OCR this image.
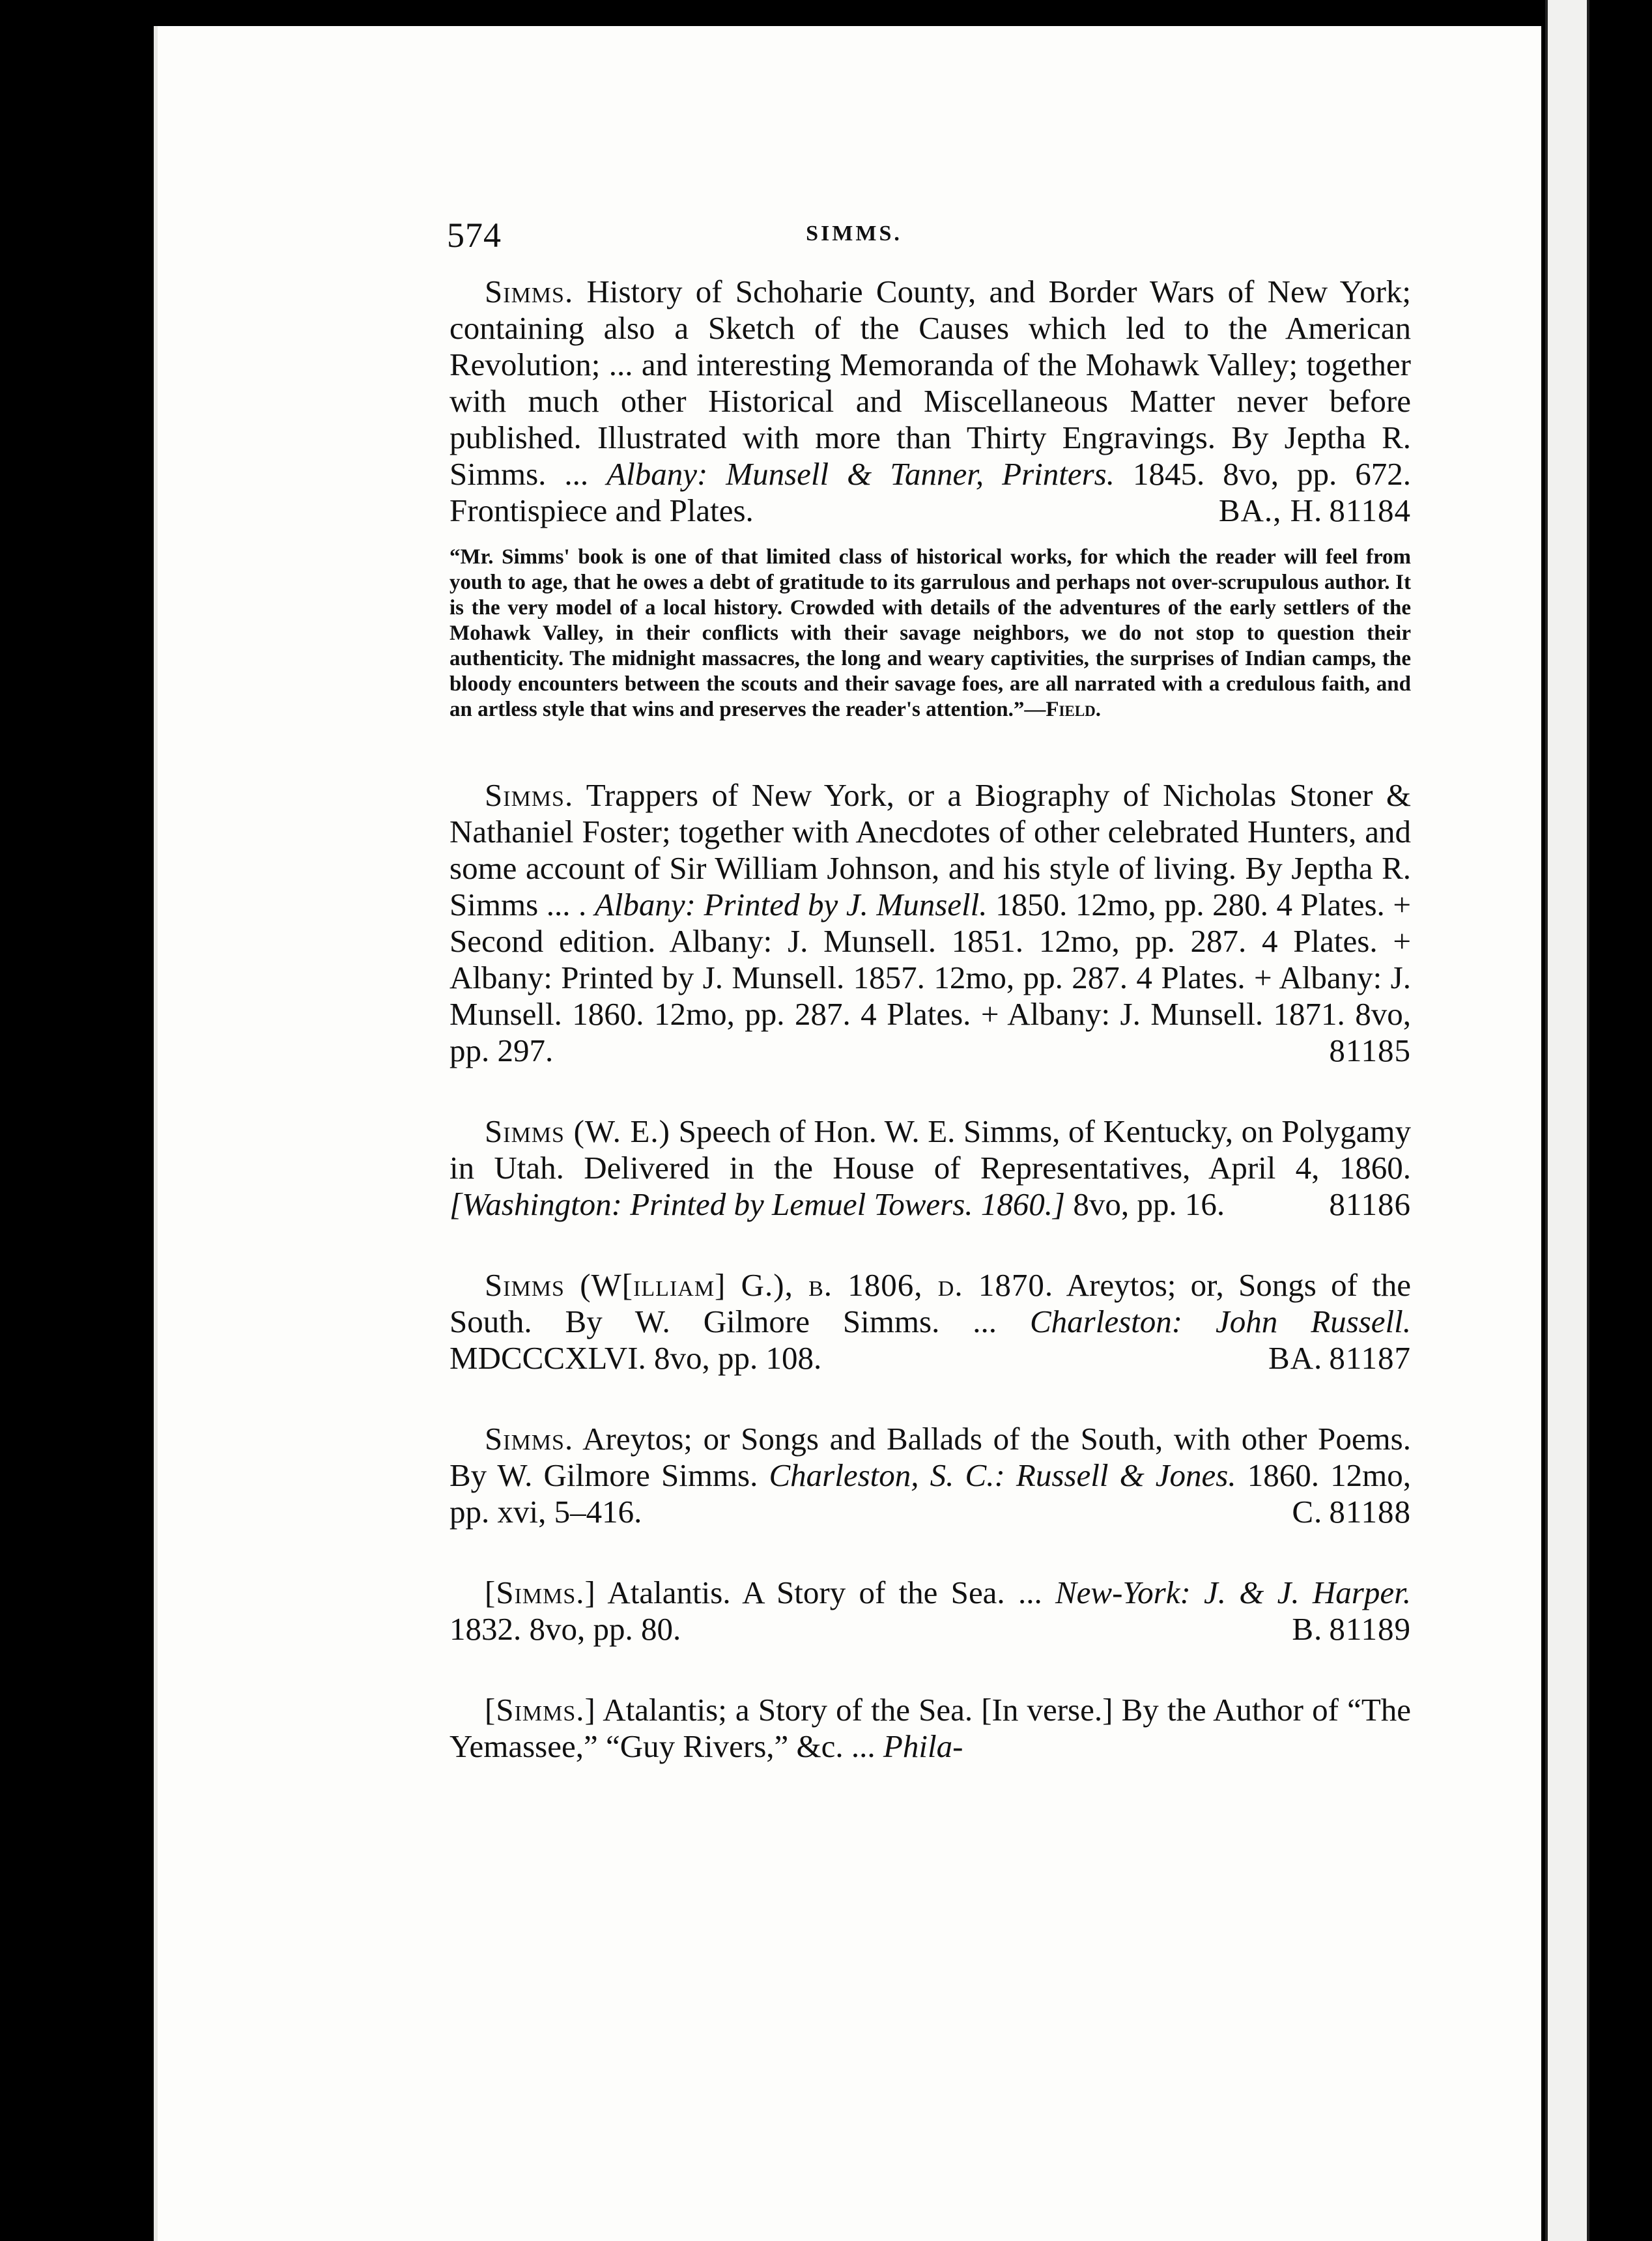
574	SIMMS.
Simms. History of Schoharie County, and Border Wars of New York; containing also a Sketch of the Causes which led to the American Revolution; ... and interesting Memoranda of the Mohawk Valley; together with much other Historical and Miscellaneous Matter never before published. Illustrated with more than Thirty Engravings. By Jeptha R. Simms. ... Albany: Munsell & Tanner, Printers. 1845. 8vo, pp. 672. Frontispiece and Plates.	BA., H. 81184
“Mr. Simms' book is one of that limited class of historical works, for which the reader will feel from youth to age, that he owes a debt of gratitude to its garrulous and perhaps not over-scrupulous author. It is the very model of a local history. Crowded with details of the adventures of the early settlers of the Mohawk Valley, in their conflicts with their savage neighbors, we do not stop to question their authenticity. The midnight massacres, the long and weary captivities, the surprises of Indian camps, the bloody encounters between the scouts and their savage foes, are all narrated with a credulous faith, and an artless style that wins and preserves the reader's attention.”—Field.
Simms. Trappers of New York, or a Biography of Nicholas Stoner & Nathaniel Foster; together with Anecdotes of other celebrated Hunters, and some account of Sir William Johnson, and his style of living. By Jeptha R. Simms ... . Albany: Printed by J. Munsell. 1850. 12mo, pp. 280. 4 Plates. + Second edition. Albany: J. Munsell. 1851. 12mo, pp. 287. 4 Plates. + Albany: Printed by J. Munsell. 1857. 12mo, pp. 287. 4 Plates. + Albany: J. Munsell. 1860. 12mo, pp. 287. 4 Plates. + Albany: J. Munsell. 1871. 8vo, pp. 297.	81185
Simms (W. E.) Speech of Hon. W. E. Simms, of Kentucky, on Polygamy in Utah. Delivered in the House of Representatives, April 4, 1860. [Washington: Printed by Lemuel Towers. 1860.] 8vo, pp. 16.	81186
Simms (W[illiam] G.), b. 1806, d. 1870. Areytos; or, Songs of the South. By W. Gilmore Simms. ... Charleston: John Russell. MDCCCXLVI. 8vo, pp. 108.	BA. 81187
Simms. Areytos; or Songs and Ballads of the South, with other Poems. By W. Gilmore Simms. Charleston, S. C.: Russell & Jones. 1860. 12mo, pp. xvi, 5–416.	C. 81188
[Simms.] Atalantis. A Story of the Sea. ... New-York: J. & J. Harper. 1832. 8vo, pp. 80.	B. 81189
[Simms.] Atalantis; a Story of the Sea. [In verse.] By the Author of “The Yemassee,” “Guy Rivers,” &c. ... Phila-
